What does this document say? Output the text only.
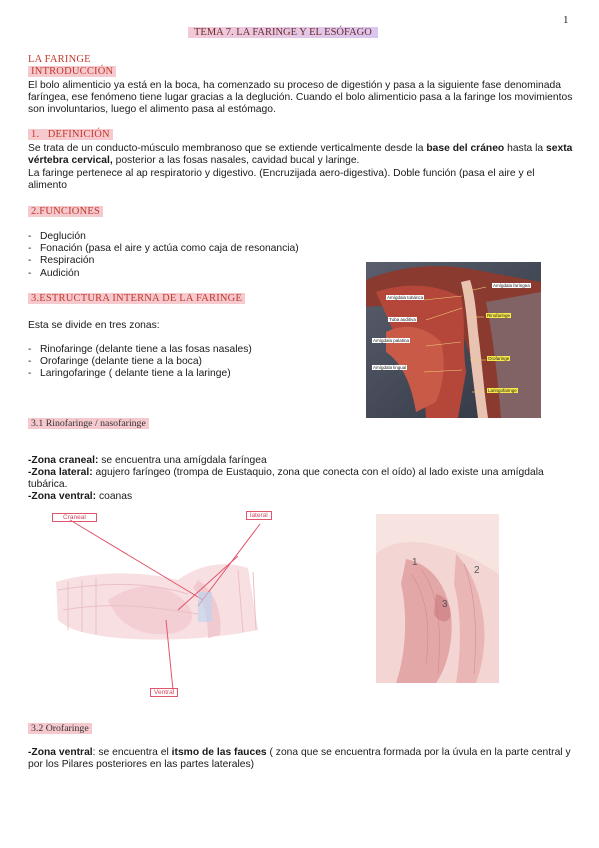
1
TEMA 7. LA FARINGE Y EL ESÓFAGO
LA FARINGE
INTRODUCCIÓN
El bolo alimenticio ya está en la boca, ha comenzado su proceso de digestión y pasa a la siguiente fase denominada faríngea, ese fenómeno tiene lugar gracias a la deglución. Cuando el bolo alimenticio pasa a la faringe los movimientos son involuntarios, luego el alimento pasa al estómago.
1. DEFINICIÓN
Se trata de un conducto-músculo membranoso que se extiende verticalmente desde la base del cráneo hasta la sexta vértebra cervical, posterior a las fosas nasales, cavidad bucal y laringe.
La faringe pertenece al ap respiratorio y digestivo. (Encruzijada aero-digestiva). Doble función (pasa el aire y el alimento
2.FUNCIONES
- Deglución
- Fonación (pasa el aire y actúa como caja de resonancia)
- Respiración
- Audición
3.ESTRUCTURA INTERNA DE LA FARINGE
Esta se divide en tres zonas:
- Rinofaringe (delante tiene a las fosas nasales)
- Orofaringe (delante tiene a la boca)
- Laringofaringe ( delante tiene a la laringe)
Amígdala faríngea
Amígdala tubárica
Rinofaringe
Tuba auditiva
Amígdala palatina
Orofaringe
Amígdala lingual
Laringofaringe
3.1 Rinofaringe / nasofaringe
-Zona craneal: se encuentra una amígdala faríngea
-Zona lateral: agujero faríngeo (trompa de Eustaquio, zona que conecta con el oído) al lado existe una amígdala tubárica.
-Zona ventral: coanas
Craneal	lateral
Ventral
1
2
3
3.2 Orofaringe
-Zona ventral: se encuentra el itsmo de las fauces ( zona que se encuentra formada por la úvula en la parte central y por los Pilares posteriores en las partes laterales)
